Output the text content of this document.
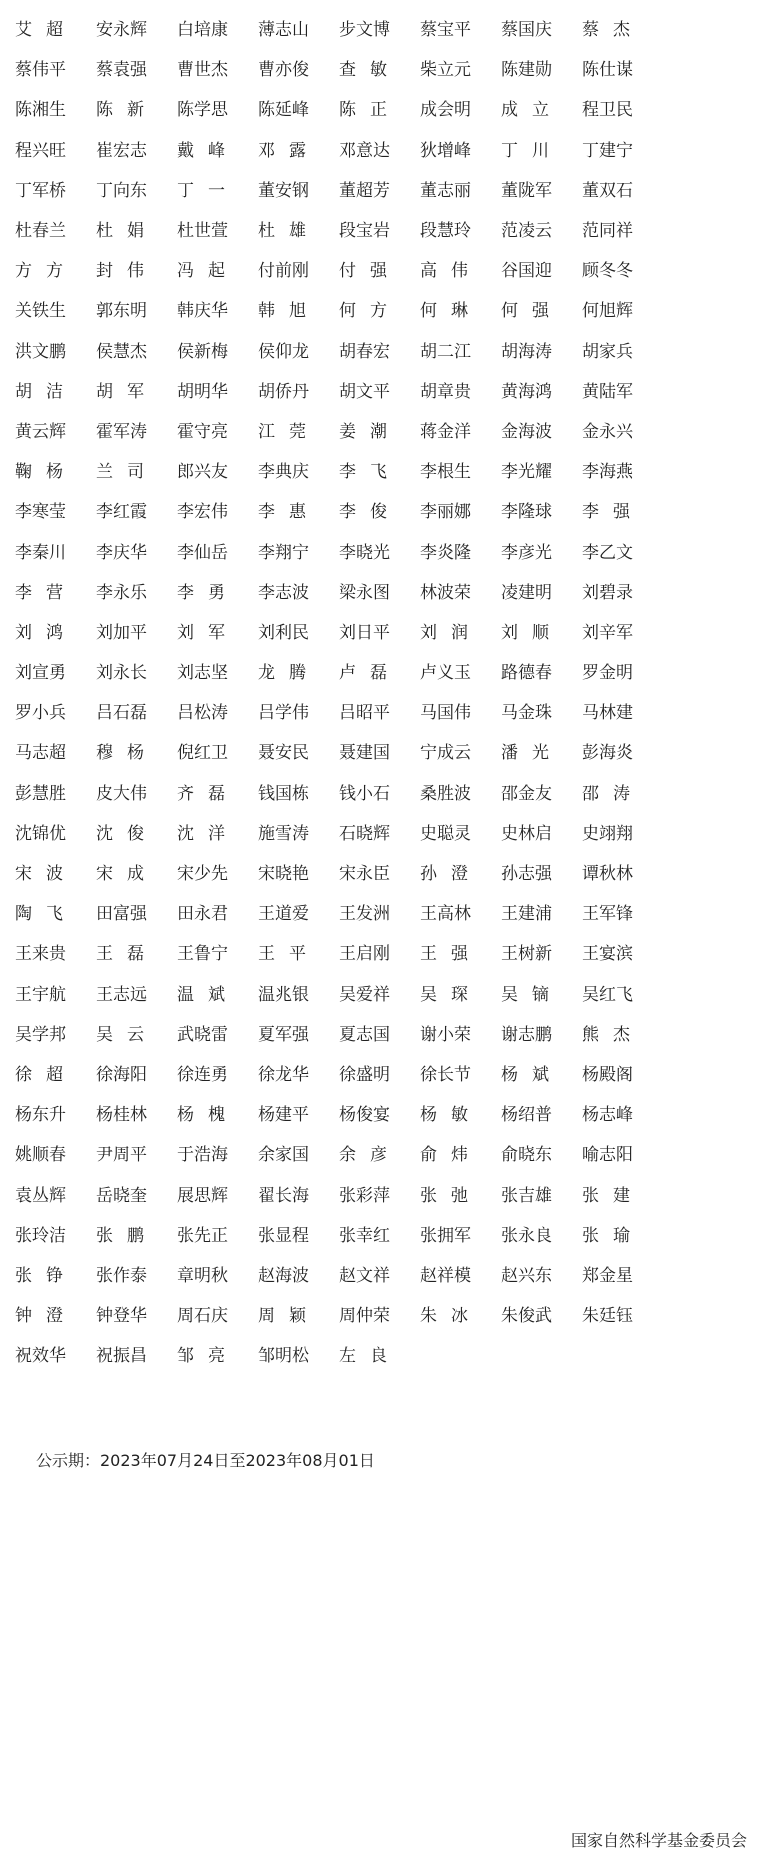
艾超 安永辉 白培康 薄志山 步文博 蔡宝平 蔡国庆 蔡杰
蔡伟平 蔡袁强 曹世杰 曹亦俊 查敏 柴立元 陈建勋 陈仕谋
陈湘生 陈新 陈学思 陈延峰 陈正 成会明 成立 程卫民
程兴旺 崔宏志 戴峰 邓露 邓意达 狄增峰 丁川 丁建宁
丁军桥 丁向东 丁一 董安钢 董超芳 董志丽 董陇军 董双石
杜春兰 杜娟 杜世萱 杜雄 段宝岩 段慧玲 范凌云 范同祥
方方 封伟 冯起 付前刚 付强 高伟 谷国迎 顾冬冬
关铁生 郭东明 韩庆华 韩旭 何方 何琳 何强 何旭辉
洪文鹏 侯慧杰 侯新梅 侯仰龙 胡春宏 胡二江 胡海涛 胡家兵
胡洁 胡军 胡明华 胡侨丹 胡文平 胡章贵 黄海鸿 黄陆军
黄云辉 霍军涛 霍守亮 江莞 姜潮 蒋金洋 金海波 金永兴
鞠杨 兰司 郎兴友 李典庆 李飞 李根生 李光耀 李海燕
李寒莹 李红霞 李宏伟 李惠 李俊 李丽娜 李隆球 李强
李秦川 李庆华 李仙岳 李翔宁 李晓光 李炎隆 李彦光 李乙文
李营 李永乐 李勇 李志波 梁永图 林波荣 凌建明 刘碧录
刘鸿 刘加平 刘军 刘利民 刘日平 刘润 刘顺 刘辛军
刘宣勇 刘永长 刘志坚 龙腾 卢磊 卢义玉 路德春 罗金明
罗小兵 吕石磊 吕松涛 吕学伟 吕昭平 马国伟 马金珠 马林建
马志超 穆杨 倪红卫 聂安民 聂建国 宁成云 潘光 彭海炎
彭慧胜 皮大伟 齐磊 钱国栋 钱小石 桑胜波 邵金友 邵涛
沈锦优 沈俊 沈洋 施雪涛 石晓辉 史聪灵 史林启 史翊翔
宋波 宋成 宋少先 宋晓艳 宋永臣 孙澄 孙志强 谭秋林
陶飞 田富强 田永君 王道爱 王发洲 王高林 王建浦 王军锋
王来贵 王磊 王鲁宁 王平 王启刚 王强 王树新 王宴滨
王宇航 王志远 温斌 温兆银 吴爱祥 吴琛 吴镝 吴红飞
吴学邦 吴云 武晓雷 夏军强 夏志国 谢小荣 谢志鹏 熊杰
徐超 徐海阳 徐连勇 徐龙华 徐盛明 徐长节 杨斌 杨殿阁
杨东升 杨桂林 杨槐 杨建平 杨俊宴 杨敏 杨绍普 杨志峰
姚顺春 尹周平 于浩海 余家国 余彦 俞炜 俞晓东 喻志阳
袁丛辉 岳晓奎 展思辉 翟长海 张彩萍 张弛 张吉雄 张建
张玲洁 张鹏 张先正 张显程 张幸红 张拥军 张永良 张瑜
张铮 张作泰 章明秋 赵海波 赵文祥 赵祥模 赵兴东 郑金星
钟澄 钟登华 周石庆 周颖 周仲荣 朱冰 朱俊武 朱廷钰
祝效华 祝振昌 邹亮 邹明松 左良
公示期：2023年07月24日至2023年08月01日
国家自然科学基金委员会
